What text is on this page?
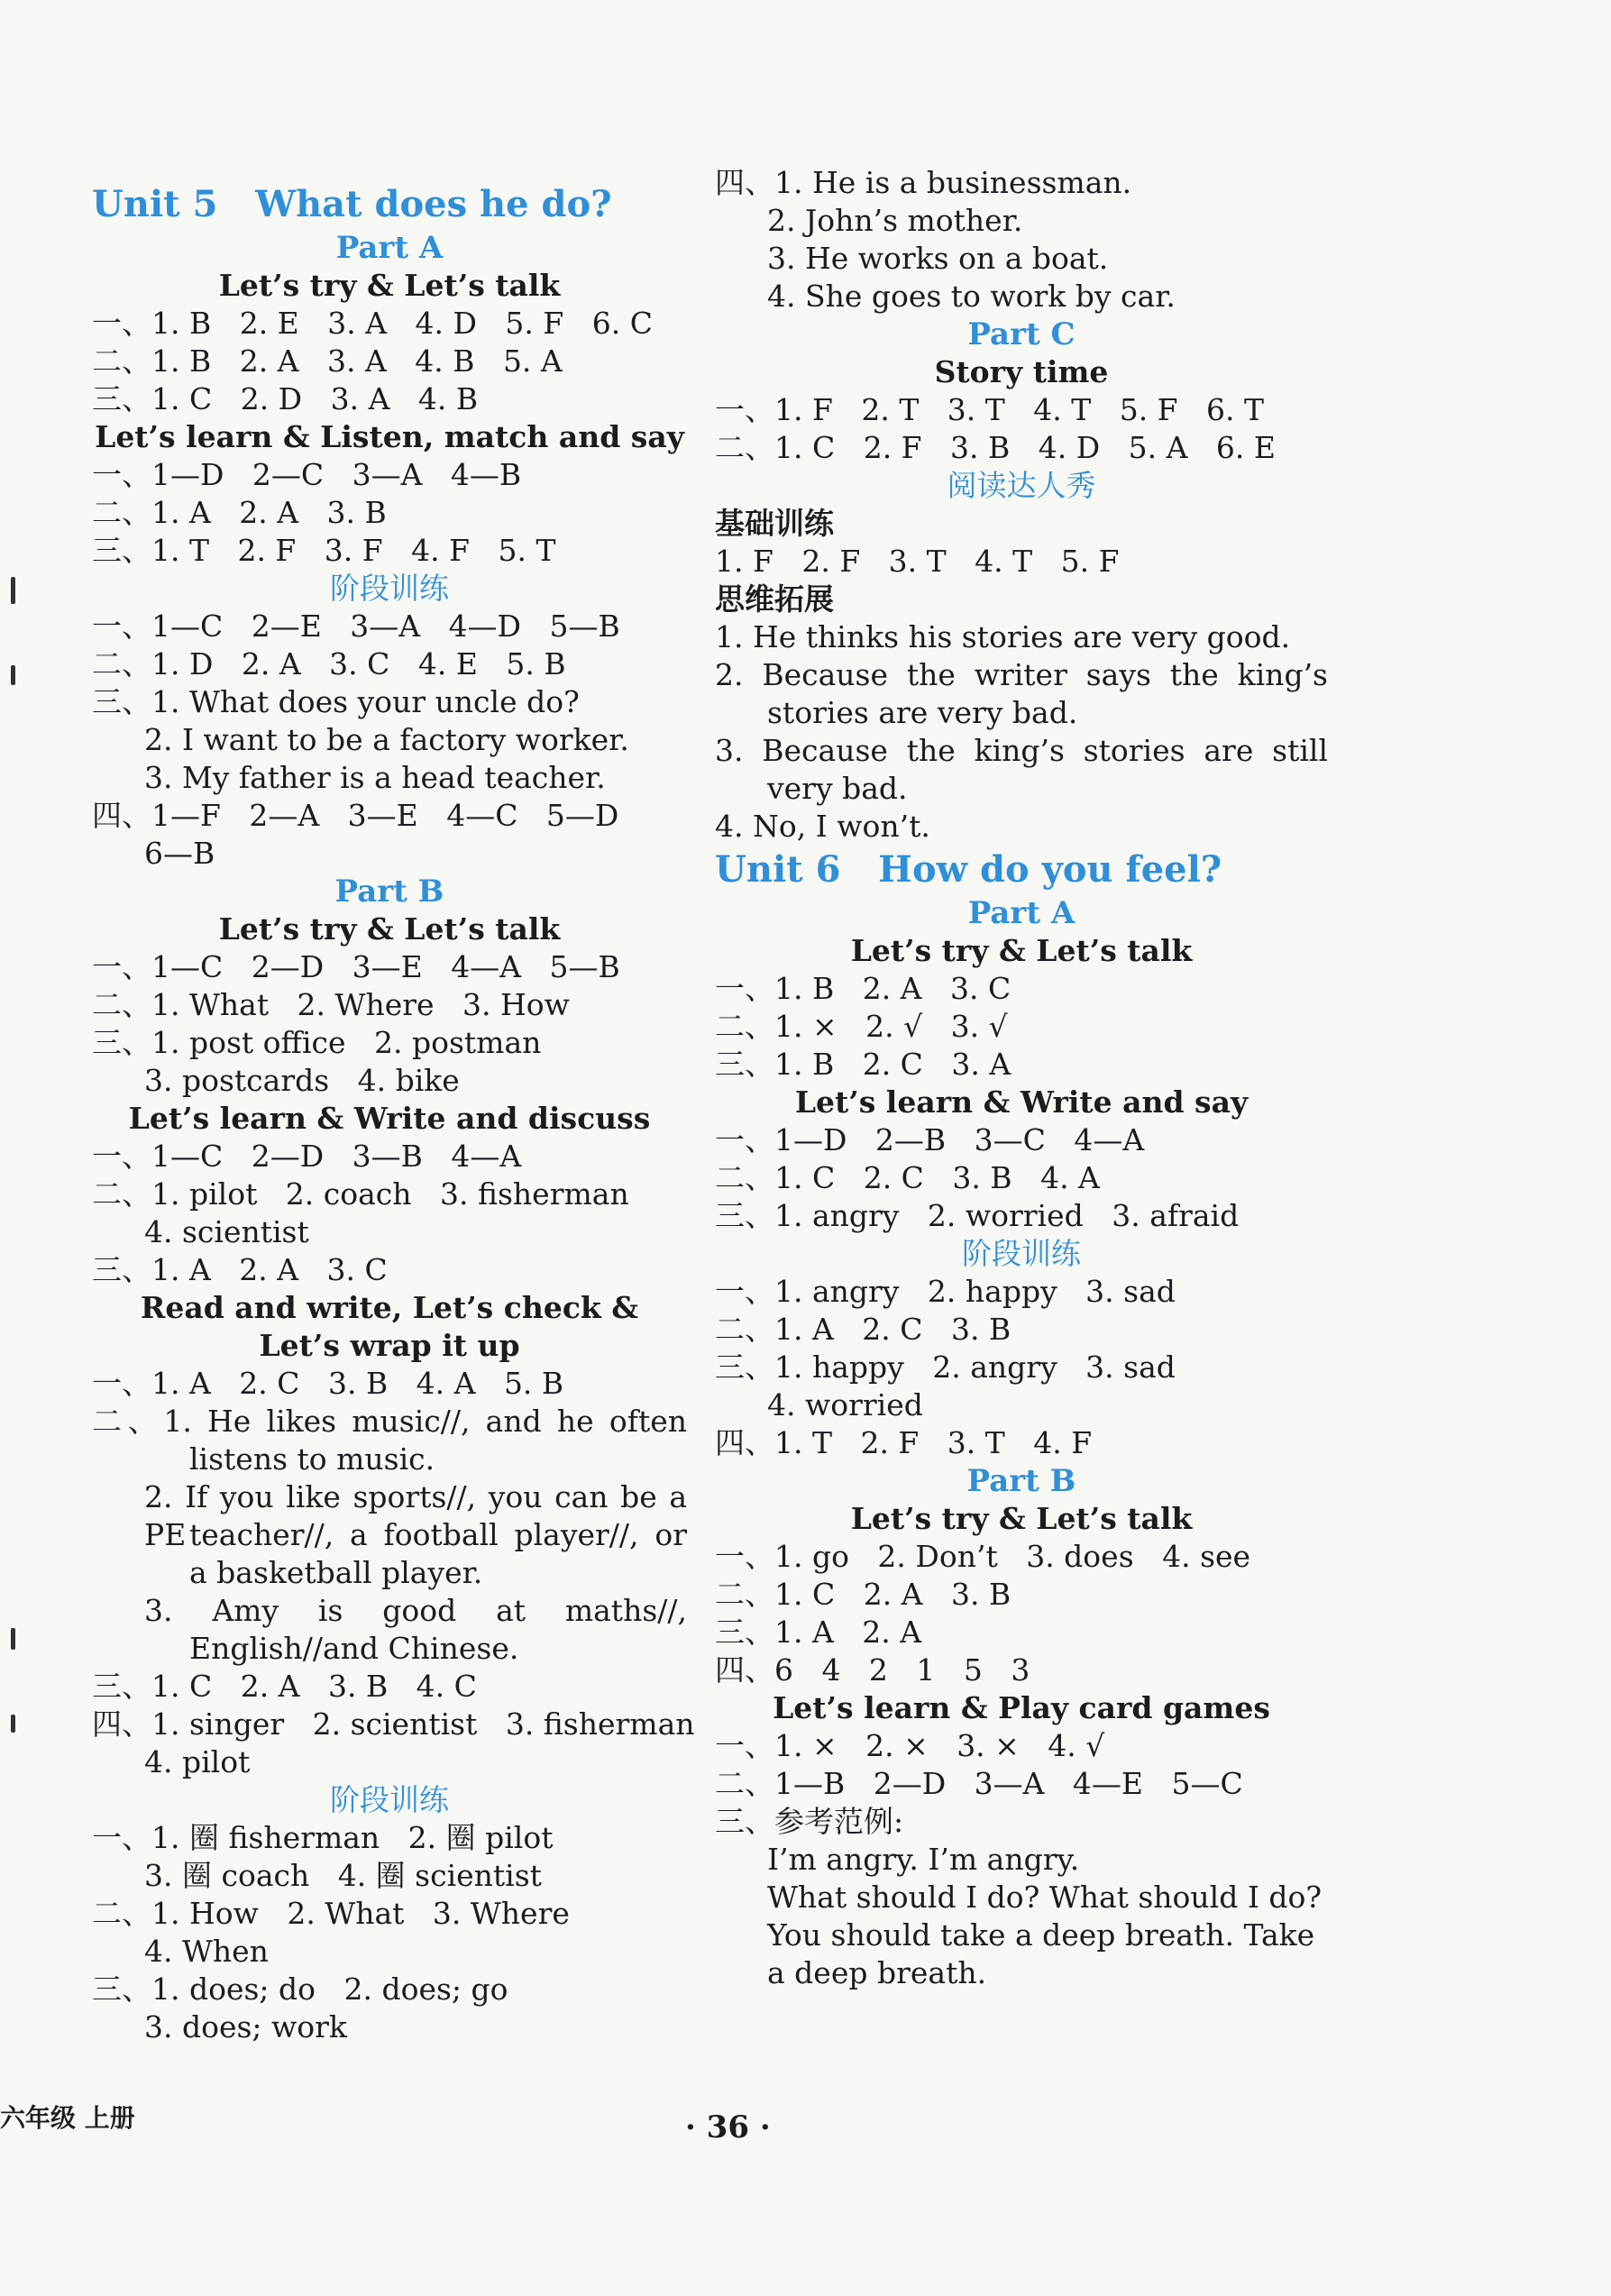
Unit 5   What does he do?
Part A
Let’s try & Let’s talk
一、1. B   2. E   3. A   4. D   5. F   6. C
二、1. B   2. A   3. A   4. B   5. A
三、1. C   2. D   3. A   4. B
Let’s learn & Listen, match and say
一、1—D   2—C   3—A   4—B
二、1. A   2. A   3. B
三、1. T   2. F   3. F   4. F   5. T
阶段训练
一、1—C   2—E   3—A   4—D   5—B
二、1. D   2. A   3. C   4. E   5. B
三、1. What does your uncle do?
2. I want to be a factory worker.
3. My father is a head teacher.
四、1—F   2—A   3—E   4—C   5—D
6—B
Part B
Let’s try & Let’s talk
一、1—C   2—D   3—E   4—A   5—B
二、1. What   2. Where   3. How
三、1. post office   2. postman
3. postcards   4. bike
Let’s learn & Write and discuss
一、1—C   2—D   3—B   4—A
二、1. pilot   2. coach   3. fisherman
4. scientist
三、1. A   2. A   3. C
Read and write, Let’s check &
Let’s wrap it up
一、1. A   2. C   3. B   4. A   5. B
二、1. He likes music//, and he often
listens to music.
2. If you like sports//, you can be a PE teacher//, a football player//, or
a basketball player.
3. Amy is good at maths//,
English//and Chinese.
三、1. C   2. A   3. B   4. C
四、1. singer   2. scientist   3. fisherman
4. pilot
阶段训练
一、1. 圈 fisherman   2. 圈 pilot
3. 圈 coach   4. 圈 scientist
二、1. How   2. What   3. Where
4. When
三、1. does; do   2. does; go
3. does; work
四、1. He is a businessman.
2. John’s mother.
3. He works on a boat.
4. She goes to work by car.
Part C
Story time
一、1. F   2. T   3. T   4. T   5. F   6. T
二、1. C   2. F   3. B   4. D   5. A   6. E
阅读达人秀
基础训练
1. F   2. F   3. T   4. T   5. F
思维拓展
1. He thinks his stories are very good.
2. Because the writer says the king’s
stories are very bad.
3. Because the king’s stories are still
very bad.
4. No, I won’t.
Unit 6   How do you feel?
Part A
Let’s try & Let’s talk
一、1. B   2. A   3. C
二、1. ×   2. √   3. √
三、1. B   2. C   3. A
Let’s learn & Write and say
一、1—D   2—B   3—C   4—A
二、1. C   2. C   3. B   4. A
三、1. angry   2. worried   3. afraid
阶段训练
一、1. angry   2. happy   3. sad
二、1. A   2. C   3. B
三、1. happy   2. angry   3. sad
4. worried
四、1. T   2. F   3. T   4. F
Part B
Let’s try & Let’s talk
一、1. go   2. Don’t   3. does   4. see
二、1. C   2. A   3. B
三、1. A   2. A
四、6   4   2   1   5   3
Let’s learn & Play card games
一、1. ×   2. ×   3. ×   4. √
二、1—B   2—D   3—A   4—E   5—C
三、参考范例:
I’m angry. I’m angry.
What should I do? What should I do?
You should take a deep breath. Take
a deep breath.
六年级 上册	· 36 ·
